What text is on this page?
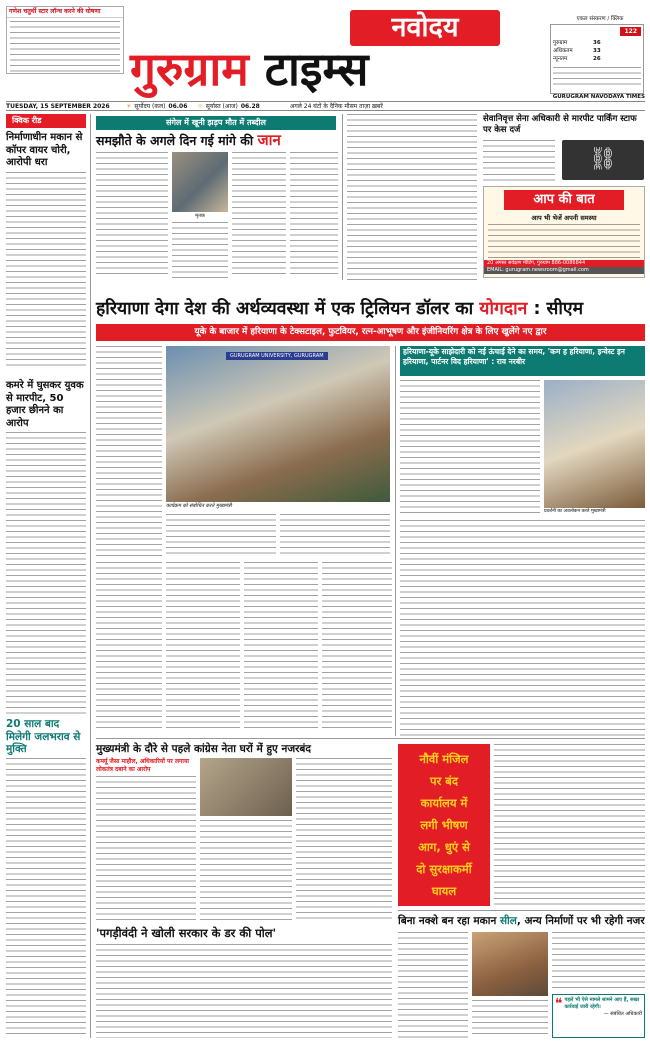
गणेश चतुर्थी स्टार लॉन्च करने की घोषणा
नवोदय
गुरुग्राम टाइम्स
एकल संस्करण / क्लिक
122
गुरुग्राम	36
अधिकतम	33
न्यूनतम	26
GURUGRAM NAVODAYA TIMES
TUESDAY, 15 SEPTEMBER 2026	☀ सूर्योदय (कल) 06.06 ☼ सूर्यास्त (आज) 06.28	अगले 24 घंटों के दैनिक मौसम ताज़ा ख़बरें
क्विक रीड
निर्माणाधीन मकान से कॉपर वायर चोरी, आरोपी धरा
कमरे में घुसकर युवक से मारपीट, 50 हजार छीनने का आरोप
20 साल बाद मिलेगी जलभराव से मुक्ति
संगेल में खूनी झड़प मौत में तब्दील
समझौते के अगले दिन गई मांगे की जान
मृतक
सेवानिवृत्त सेना अधिकारी से मारपीट पार्किंग स्टाफ पर केस दर्ज
⛓
आप की बात
आप भी भेजें अपनी समस्या
20 अगस्त सर्वेक्षण मीटिंग, गुरुग्राम 886-0086844
EMAIL: gurugram.newsroom@gmail.com
हरियाणा देगा देश की अर्थव्यवस्था में एक ट्रिलियन डॉलर का योगदान : सीएम
यूके के बाजार में हरियाणा के टेक्सटाइल, फुटवियर, रत्न-आभूषण और इंजीनियरिंग क्षेत्र के लिए खुलेंगे नए द्वार
GURUGRAM UNIVERSITY, GURUGRAM
कार्यक्रम को संबोधित करते मुख्यमंत्री
हरियाणा-यूके साझेदारी को नई ऊंचाई देने का समय, 'कम ह हरियाणा, इन्वेस्ट इन हरियाणा, पार्टनर विद हरियाणा' : राव नरबीर
प्रदर्शनी का अवलोकन करते मुख्यमंत्री
मुख्यमंत्री के दौरे से पहले कांग्रेस नेता घरों में हुए नजरबंद
कर्फ्यू जैसा माहौल, अधिकारियों पर लगाया लोकतंत्र दबाने का आरोप
नौवीं मंजिल
पर बंद
कार्यालय में
लगी भीषण
आग, धुएं से
दो सुरक्षाकर्मी
घायल
'पगड़ीवंदी ने खोली सरकार के डर की पोल'
बिना नक्शे बन रहा मकान सील, अन्य निर्माणों पर भी रहेगी नजर
❝ पहले भी ऐसे मामले सामने आए हैं, सख्त कार्रवाई जारी रहेगी।
— संबंधित अधिकारी
